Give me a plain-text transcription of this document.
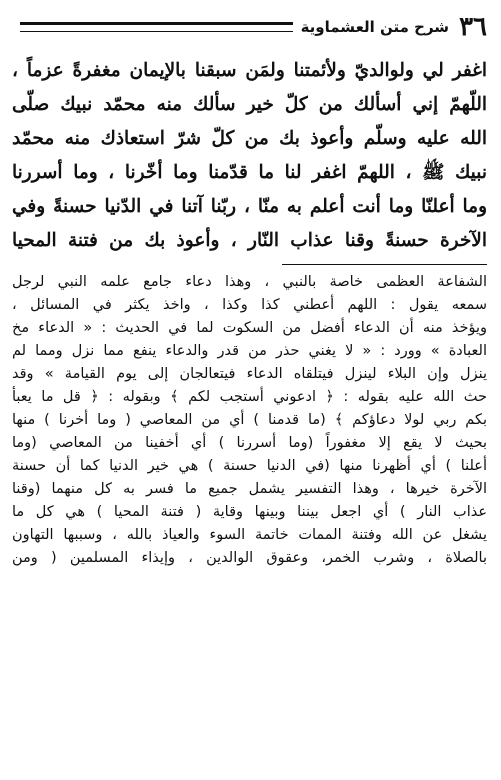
٣٦
شرح متن العشماوية
اغفر لي ولوالديّ ولأئمتنا ولمَن سبقنا بالإيمان مغفرةً عزماً ،
اللّهمّ إني أسألك من كلّ خير سألك منه محمّد نبيك صلّى
الله عليه وسلّم وأعوذ بك من كلّ شرّ استعاذك منه محمّد
نبيك ﷺ ، اللهمّ اغفر لنا ما قدّمنا وما أخّرنا ، وما أسررنا
وما أعلنّا وما أنت أعلم به منّا ، ربّنا آتنا في الدّنيا حسنةً وفي
الآخرة حسنةً وقنا عذاب النّار ، وأعوذ بك من فتنة المحيا
الشفاعة العظمى خاصة بالنبي ، وهذا دعاء جامع علمه النبي لرجل
سمعه يقول : اللهم أعطني كذا وكذا ، واخذ يكثر في المسائل ،
ويؤخذ منه أن الدعاء أفضل من السكوت لما في الحديث : « الدعاء مخ
العبادة » وورد : « لا يغني حذر من قدر والدعاء ينفع مما نزل ومما لم
ينزل وإن البلاء لينزل فيتلقاه الدعاء فيتعالجان إلى يوم القيامة » وقد
حث الله عليه بقوله : ﴿ ادعوني أستجب لكم ﴾ وبقوله : ﴿ قل ما يعبأ
بكم ربي لولا دعاؤكم ﴾ (ما قدمنا ) أي من المعاصي ( وما أخرنا ) منها
بحيث لا يقع إلا مغفوراً (وما أسررنا ) أي أخفينا من المعاصي (وما
أعلنا ) أي أظهرنا منها (في الدنيا حسنة ) هي خير الدنيا كما أن حسنة
الآخرة خيرها ، وهذا التفسير يشمل جميع ما فسر به كل منهما (وقنا
عذاب النار ) أي اجعل بيننا وبينها وقاية ( فتنة المحيا ) هي كل ما
يشغل عن الله وفتنة الممات خاتمة السوء والعياذ بالله ، وسببها التهاون
بالصلاة ، وشرب الخمر، وعقوق الوالدين ، وإيذاء المسلمين ( ومن
